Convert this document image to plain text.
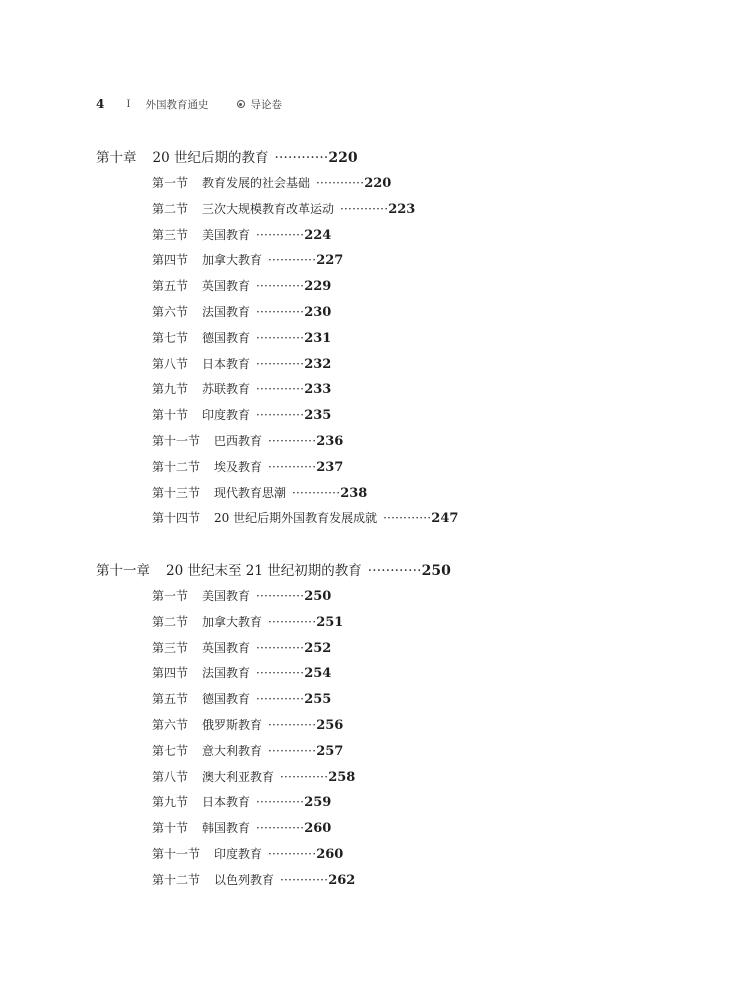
4 I 外国教育通史	导论卷
第十章 20 世纪后期的教育 ············220
第一节 教育发展的社会基础 ············220
第二节 三次大规模教育改革运动 ············223
第三节 美国教育 ············224
第四节 加拿大教育 ············227
第五节 英国教育 ············229
第六节 法国教育 ············230
第七节 德国教育 ············231
第八节 日本教育 ············232
第九节 苏联教育 ············233
第十节 印度教育 ············235
第十一节 巴西教育 ············236
第十二节 埃及教育 ············237
第十三节 现代教育思潮 ············238
第十四节 20 世纪后期外国教育发展成就 ············247
第十一章 20 世纪末至 21 世纪初期的教育 ············250
第一节 美国教育 ············250
第二节 加拿大教育 ············251
第三节 英国教育 ············252
第四节 法国教育 ············254
第五节 德国教育 ············255
第六节 俄罗斯教育 ············256
第七节 意大利教育 ············257
第八节 澳大利亚教育 ············258
第九节 日本教育 ············259
第十节 韩国教育 ············260
第十一节 印度教育 ············260
第十二节 以色列教育 ············262
